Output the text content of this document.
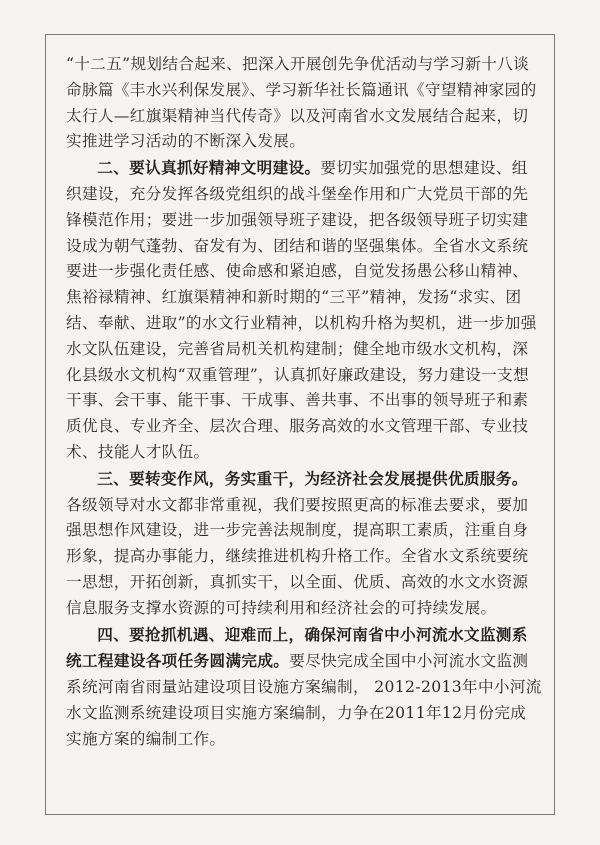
“十二五”规划结合起来、把深入开展创先争优活动与学习新十八谈命脉篇《丰水兴利保发展》、学习新华社长篇通讯《守望精神家园的太行人—红旗渠精神当代传奇》以及河南省水文发展结合起来，切实推进学习活动的不断深入发展。

二、要认真抓好精神文明建设。要切实加强党的思想建设、组织建设，充分发挥各级党组织的战斗堡垒作用和广大党员干部的先锋模范作用；要进一步加强领导班子建设，把各级领导班子切实建设成为朝气蓬勃、奋发有为、团结和谐的坚强集体。全省水文系统要进一步强化责任感、使命感和紧迫感，自觉发扬愚公移山精神、焦裕禄精神、红旗渠精神和新时期的“三平”精神，发扬“求实、团结、奉献、进取”的水文行业精神，以机构升格为契机，进一步加强水文队伍建设，完善省局机关机构建制；健全地市级水文机构，深化县级水文机构“双重管理”，认真抓好廉政建设，努力建设一支想干事、会干事、能干事、干成事、善共事、不出事的领导班子和素质优良、专业齐全、层次合理、服务高效的水文管理干部、专业技术、技能人才队伍。

三、要转变作风，务实重干，为经济社会发展提供优质服务。各级领导对水文都非常重视，我们要按照更高的标准去要求，要加强思想作风建设，进一步完善法规制度，提高职工素质，注重自身形象，提高办事能力，继续推进机构升格工作。全省水文系统要统一思想，开拓创新，真抓实干，以全面、优质、高效的水文水资源信息服务支撑水资源的可持续利用和经济社会的可持续发展。

四、要抢抓机遇、迎难而上，确保河南省中小河流水文监测系统工程建设各项任务圆满完成。要尽快完成全国中小河流水文监测系统河南省雨量站建设项目设施方案编制， 2012-2013年中小河流水文监测系统建设项目实施方案编制，力争在2011年12月份完成实施方案的编制工作。
